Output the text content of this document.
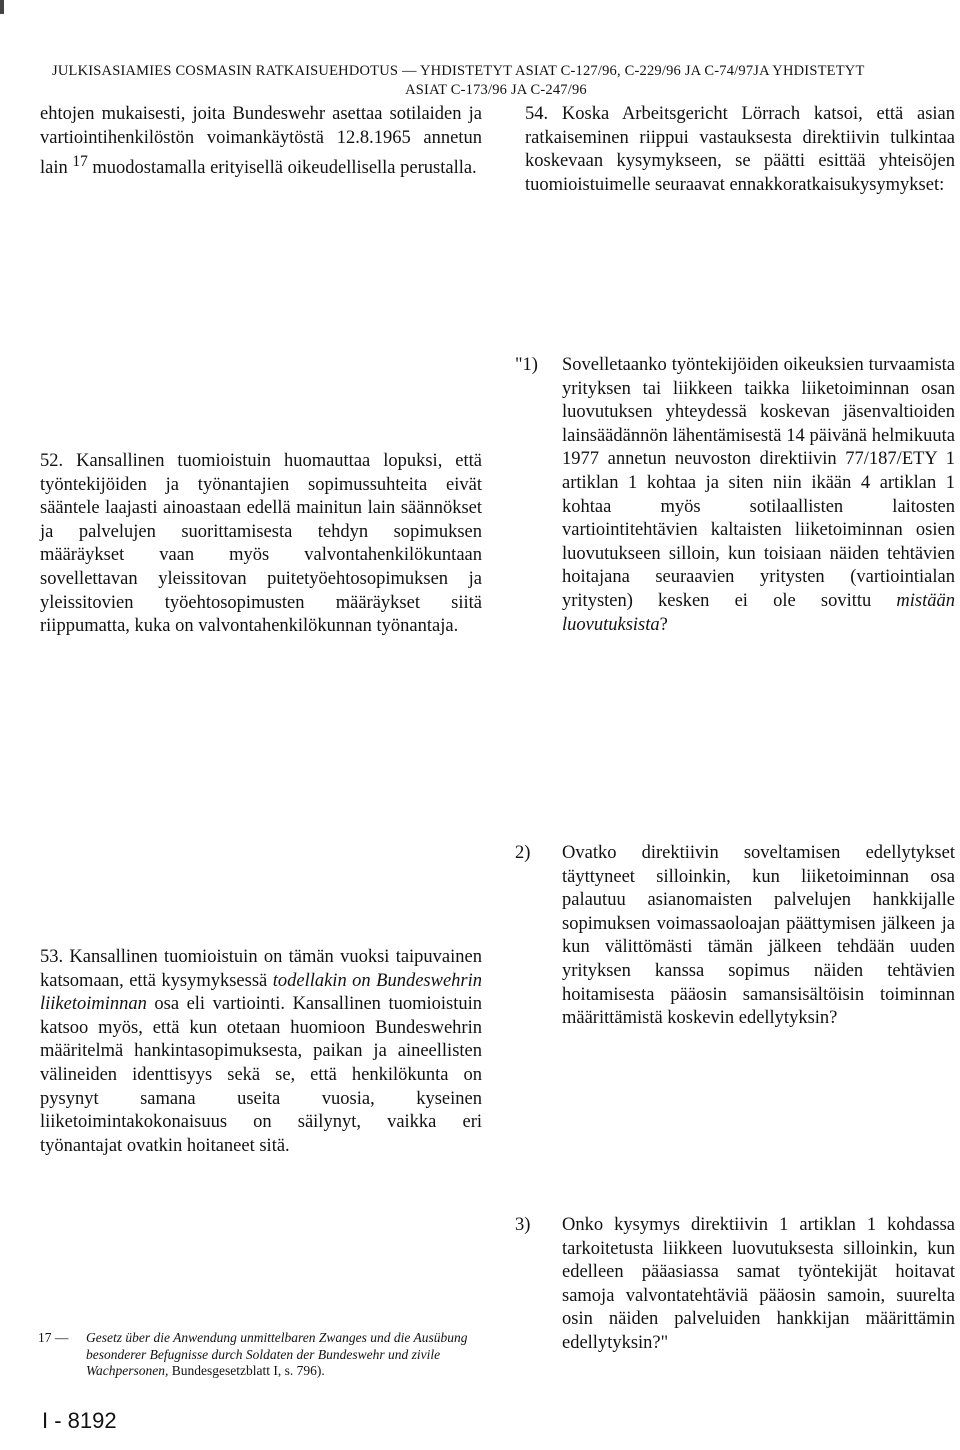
JULKISASIAMIES COSMASIN RATKAISUEHDOTUS — YHDISTETYT ASIAT C-127/96, C-229/96 JA C-74/97JA YHDISTETYT
ASIAT C-173/96 JA C-247/96

ehtojen mukaisesti, joita Bundeswehr asettaa sotilaiden ja vartiointihenkilöstön voimankäytöstä 12.8.1965 annetun lain $^{17}$ muodostamalla erityisellä oikeudellisella perustalla.

52. Kansallinen tuomioistuin huomauttaa lopuksi, että työntekijöiden ja työnantajien sopimussuhteita eivät sääntele laajasti ainoastaan edellä mainitun lain säännökset ja palvelujen suorittamisesta tehdyn sopimuksen määräykset vaan myös valvontahenkilökuntaan sovellettavan yleissitovan puitetyöehtosopimuksen ja yleissitovien työehtosopimusten määräykset siitä riippumatta, kuka on valvontahenkilökunnan työnantaja.

53. Kansallinen tuomioistuin on tämän vuoksi taipuvainen katsomaan, että kysymyksessä todellakin on Bundeswehrin liiketoiminnan osa eli vartiointi. Kansallinen tuomioistuin katsoo myös, että kun otetaan huomioon Bundeswehrin määritelmä hankintasopimuksesta, paikan ja aineellisten välineiden identtisyys sekä se, että henkilökunta on pysynyt samana useita vuosia, kyseinen liiketoimintakokonaisuus on säilynyt, vaikka eri työnantajat ovatkin hoitaneet sitä.

54. Koska Arbeitsgericht Lörrach katsoi, että asian ratkaiseminen riippui vastauksesta direktiivin tulkintaa koskevaan kysymykseen, se päätti esittää yhteisöjen tuomioistuimelle seuraavat ennakkoratkaisukysymykset:

"1) Sovelletaanko työntekijöiden oikeuksien turvaamista yrityksen tai liikkeen taikka liiketoiminnan osan luovutuksen yhteydessä koskevan jäsenvaltioiden lainsäädännön lähentämisestä 14 päivänä helmikuuta 1977 annetun neuvoston direktiivin 77/187/ETY 1 artiklan 1 kohtaa ja siten niin ikään 4 artiklan 1 kohtaa myös sotilaallisten laitosten vartiointitehtävien kaltaisten liiketoiminnan osien luovutukseen silloin, kun toisiaan näiden tehtävien hoitajana seuraavien yritysten (vartiointialan yritysten) kesken ei ole sovittu mistään luovutuksista?
2) Ovatko direktiivin soveltamisen edellytykset täyttyneet silloinkin, kun liiketoiminnan osa palautuu asianomaisten palvelujen hankkijalle sopimuksen voimassaoloajan päättymisen jälkeen ja kun välittömästi tämän jälkeen tehdään uuden yrityksen kanssa sopimus näiden tehtävien hoitamisesta pääosin samansisältöisin toiminnan määrittämistä koskevin edellytyksin?
3) Onko kysymys direktiivin 1 artiklan 1 kohdassa tarkoitetusta liikkeen luovutuksesta silloinkin, kun edelleen pääasiassa samat työntekijät hoitavat samoja valvontatehtäviä pääosin samoin, suurelta osin näiden palveluiden hankkijan määrittämin edellytyksin?"
17 — Gesetz über die Anwendung unmittelbaren Zwanges und die Ausübung besonderer Befugnisse durch Soldaten der Bundeswehr und zivile Wachpersonen, Bundesgesetzblatt I, s. 796).
I - 8192
